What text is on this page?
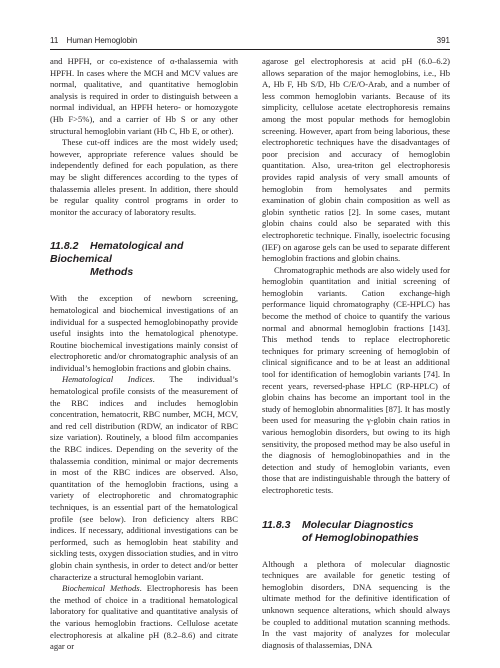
11 Human Hemoglobin	391

and HPFH, or co-existence of α-thalassemia with HPFH. In cases where the MCH and MCV values are normal, qualitative, and quantitative hemoglobin analysis is required in order to distinguish between a normal individual, an HPFH hetero- or homozygote (Hb F>5%), and a carrier of Hb S or any other structural hemoglobin variant (Hb C, Hb E, or other).

These cut-off indices are the most widely used; however, appropriate reference values should be independently defined for each population, as there may be slight differences according to the types of thalassemia alleles present. In addition, there should be regular quality control programs in order to monitor the accuracy of laboratory results.

11.8.2 Hematological and Biochemical
Methods

With the exception of newborn screening, hematological and biochemical investigations of an individual for a suspected hemoglobinopathy provide useful insights into the hematological phenotype. Routine biochemical investigations mainly consist of electrophoretic and/or chromatographic analysis of an individual’s hemoglobin fractions and globin chains.

Hematological Indices. The individual’s hematological profile consists of the measurement of the RBC indices and includes hemoglobin concentration, hematocrit, RBC number, MCH, MCV, and red cell distribution (RDW, an indicator of RBC size variation). Routinely, a blood film accompanies the RBC indices. Depending on the severity of the thalassemia condition, minimal or major decrements in most of the RBC indices are observed. Also, quantitation of the hemoglobin fractions, using a variety of electrophoretic and chromatographic techniques, is an essential part of the hematological profile (see below). Iron deficiency alters RBC indices. If necessary, additional investigations can be performed, such as hemoglobin heat stability and sickling tests, oxygen dissociation studies, and in vitro globin chain synthesis, in order to detect and/or better characterize a structural hemoglobin variant.

Biochemical Methods. Electrophoresis has been the method of choice in a traditional hematological laboratory for qualitative and quantitative analysis of the various hemoglobin fractions. Cellulose acetate electrophoresis at alkaline pH (8.2–8.6) and citrate agar or

agarose gel electrophoresis at acid pH (6.0–6.2) allows separation of the major hemoglobins, i.e., Hb A, Hb F, Hb S/D, Hb C/E/O-Arab, and a number of less common hemoglobin variants. Because of its simplicity, cellulose acetate electrophoresis remains among the most popular methods for hemoglobin screening. However, apart from being laborious, these electrophoretic techniques have the disadvantages of poor precision and accuracy of hemoglobin quantitation. Also, urea-triton gel electrophoresis provides rapid analysis of very small amounts of hemoglobin from hemolysates and permits examination of globin chain composition as well as globin synthetic ratios [2]. In some cases, mutant globin chains could also be separated with this electrophoretic technique. Finally, isoelectric focusing (IEF) on agarose gels can be used to separate different hemoglobin fractions and globin chains.

Chromatographic methods are also widely used for hemoglobin quantitation and initial screening of hemoglobin variants. Cation exchange-high performance liquid chromatography (CE-HPLC) has become the method of choice to quantify the various normal and abnormal hemoglobin fractions [143]. This method tends to replace electrophoretic techniques for primary screening of hemoglobin of clinical significance and to be at least an additional tool for identification of hemoglobin variants [74]. In recent years, reversed-phase HPLC (RP-HPLC) of globin chains has become an important tool in the study of hemoglobin abnormalities [87]. It has mostly been used for measuring the γ-globin chain ratios in various hemoglobin disorders, but owing to its high sensitivity, the proposed method may be also useful in the diagnosis of hemoglobinopathies and in the detection and study of hemoglobin variants, even those that are indistinguishable through the battery of electrophoretic tests.

11.8.3 Molecular Diagnostics
of Hemoglobinopathies

Although a plethora of molecular diagnostic techniques are available for genetic testing of hemoglobin disorders, DNA sequencing is the ultimate method for the definitive identification of unknown sequence alterations, which should always be coupled to additional mutation scanning methods. In the vast majority of analyzes for molecular diagnosis of thalassemias, DNA
